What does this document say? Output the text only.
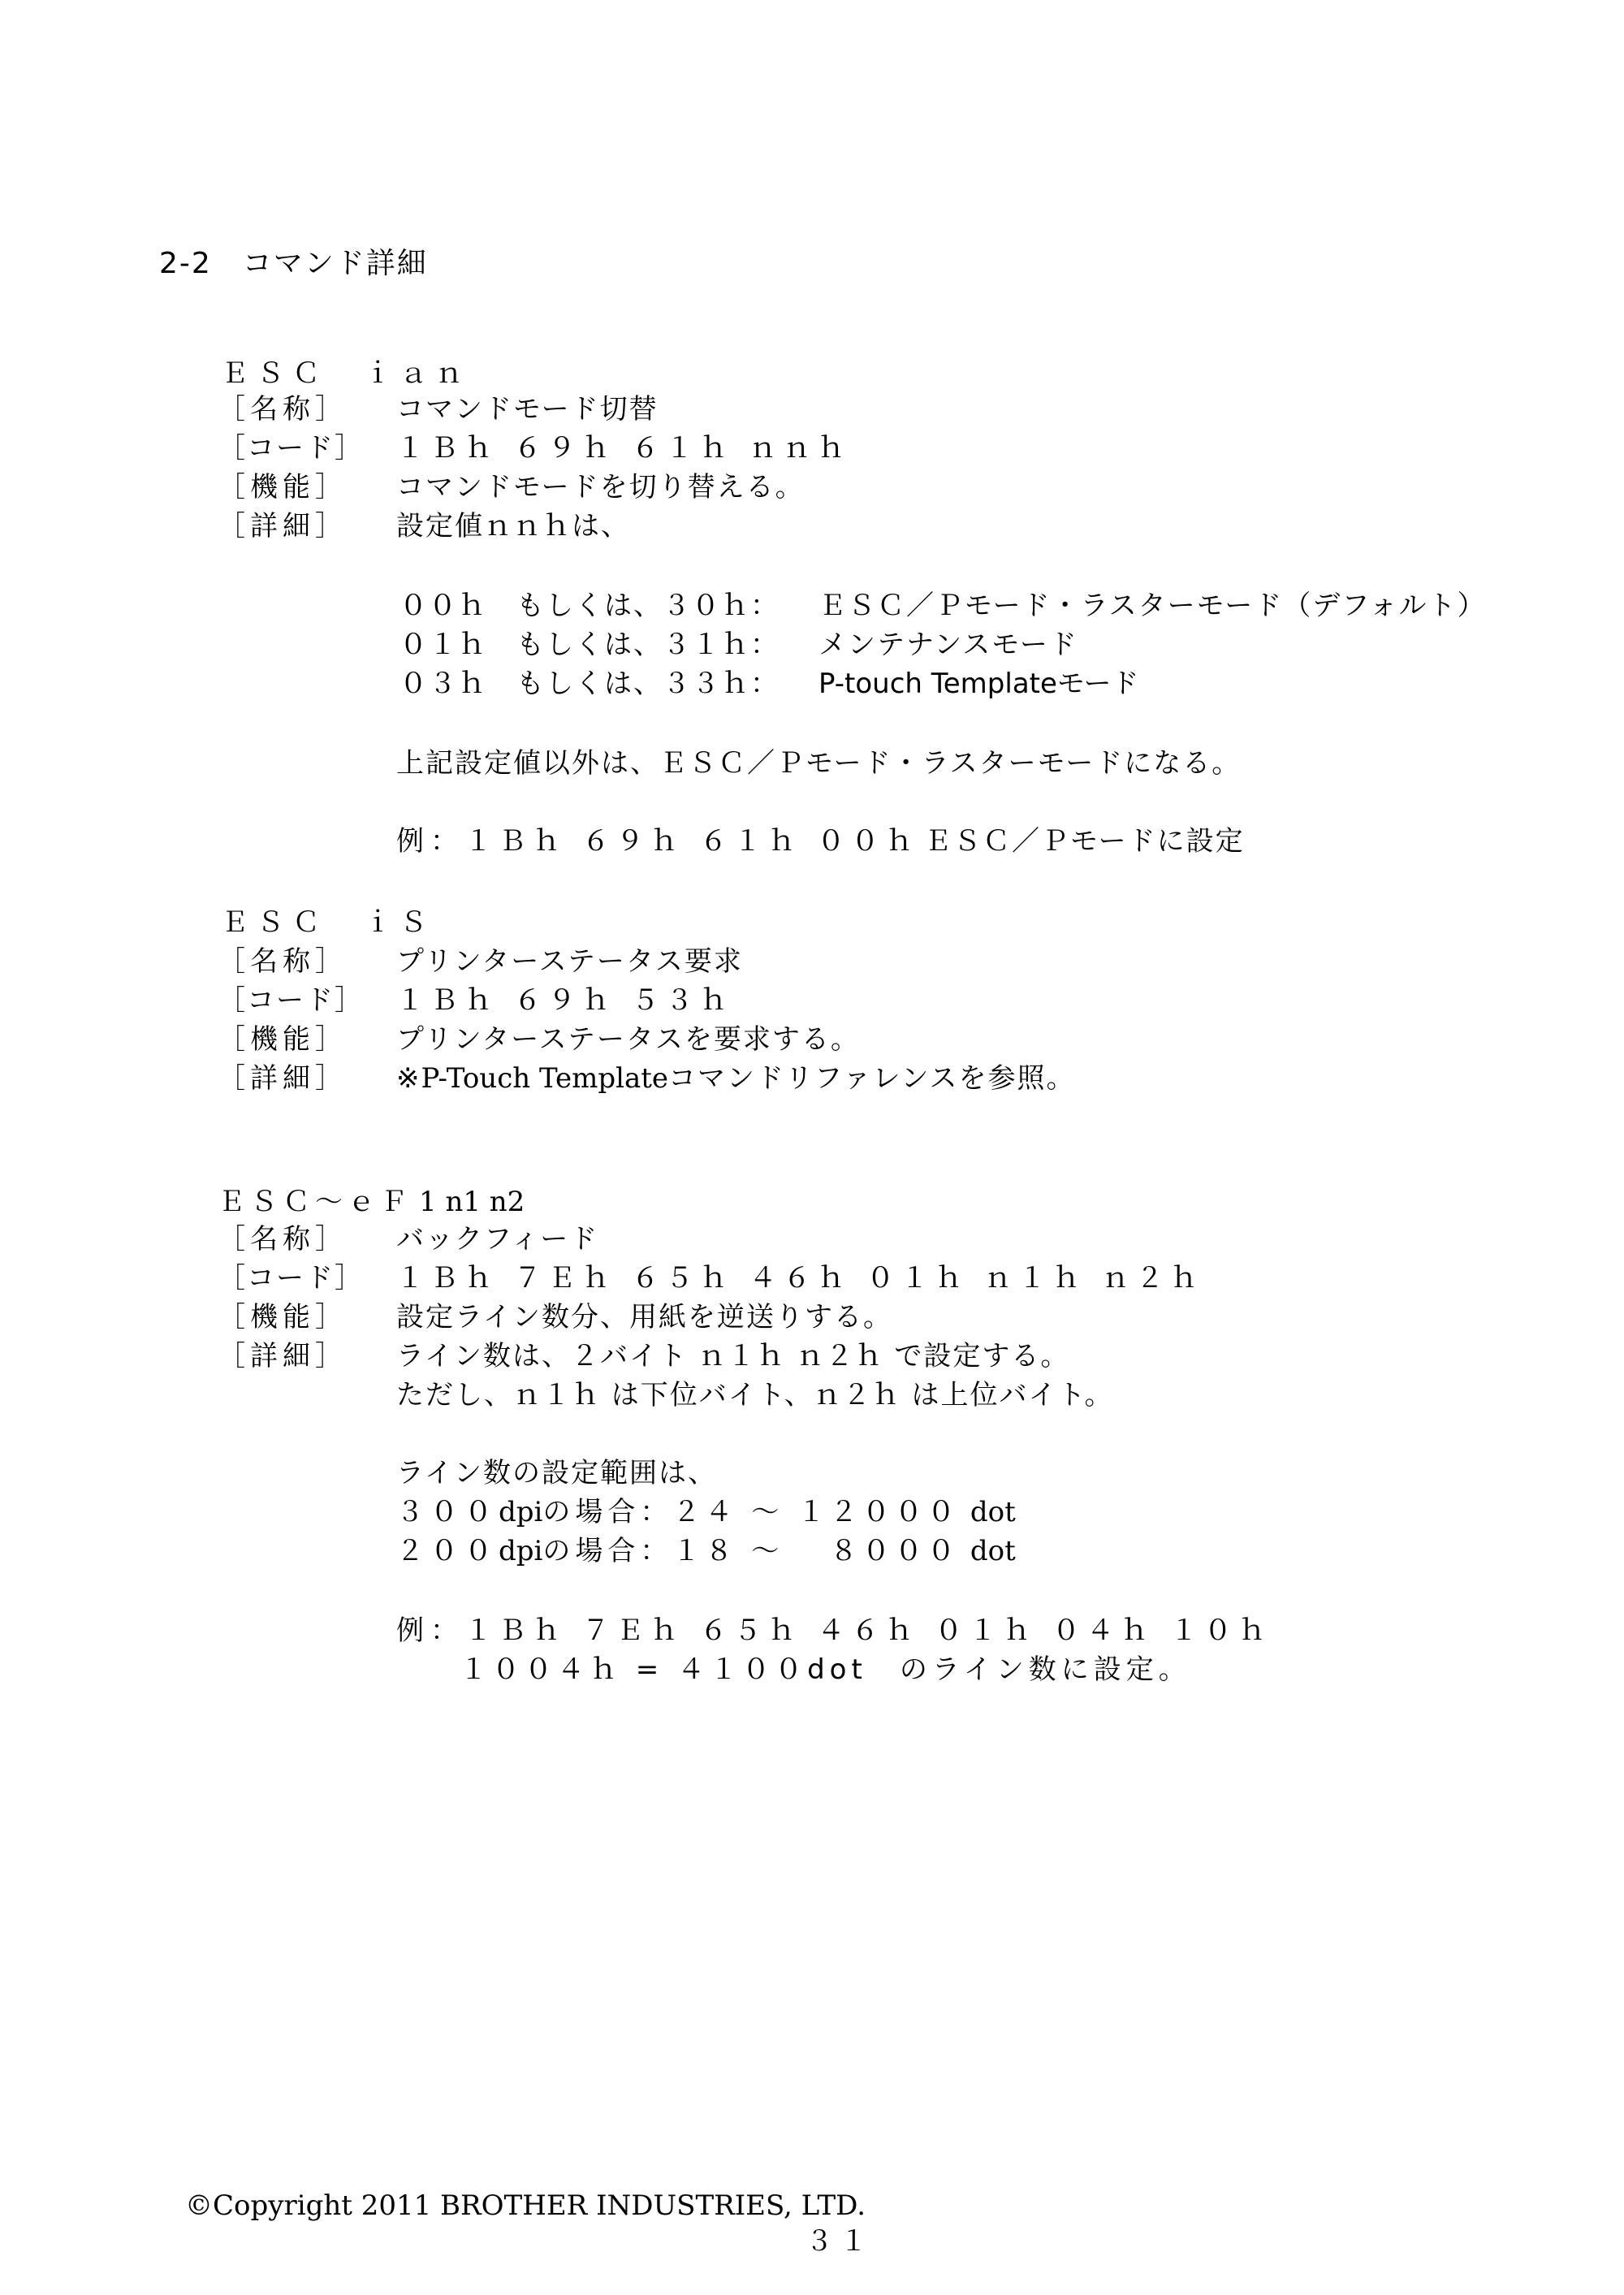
2-2　コマンド詳細
ＥＳＣ　ｉａｎ
［名称］	コマンドモード切替
［コード］ １Ｂｈ ６９ｈ ６１ｈ ｎｎｈ
［機能］	コマンドモードを切り替える。
［詳細］	設定値ｎｎｈは、
００ｈ　もしくは、３０ｈ： ＥＳＣ／Ｐモード・ラスターモード（デフォルト）
０１ｈ　もしくは、３１ｈ： メンテナンスモード
０３ｈ　もしくは、３３ｈ： P-touch Templateモード
上記設定値以外は、ＥＳＣ／Ｐモード・ラスターモードになる。
例：１Ｂｈ ６９ｈ ６１ｈ ００ｈ ＥＳＣ／Ｐモードに設定
ＥＳＣ　ｉＳ
［名称］	プリンターステータス要求
［コード］ １Ｂｈ ６９ｈ ５３ｈ
［機能］	プリンターステータスを要求する。
［詳細］	※P-Touch Templateコマンドリファレンスを参照。
ＥＳＣ～ｅＦ 1 n1 n2
［名称］	バックフィード
［コード］ １Ｂｈ ７Ｅｈ ６５ｈ ４６ｈ ０１ｈ ｎ１ｈ ｎ２ｈ
［機能］	設定ライン数分、用紙を逆送りする。
［詳細］	ライン数は、２バイト ｎ１ｈ ｎ２ｈ で設定する。
ただし、ｎ１ｈ は下位バイト、ｎ２ｈ は上位バイト。
ライン数の設定範囲は、
３００dpiの場合：２４ ～ １２０００ dot
２００dpiの場合：１８ ～ 　８０００ dot
例：１Ｂｈ ７Ｅｈ ６５ｈ ４６ｈ ０１ｈ ０４ｈ １０ｈ
１００４ｈ = ４１００dot　のライン数に設定。
©Copyright 2011 BROTHER INDUSTRIES, LTD.
３１
